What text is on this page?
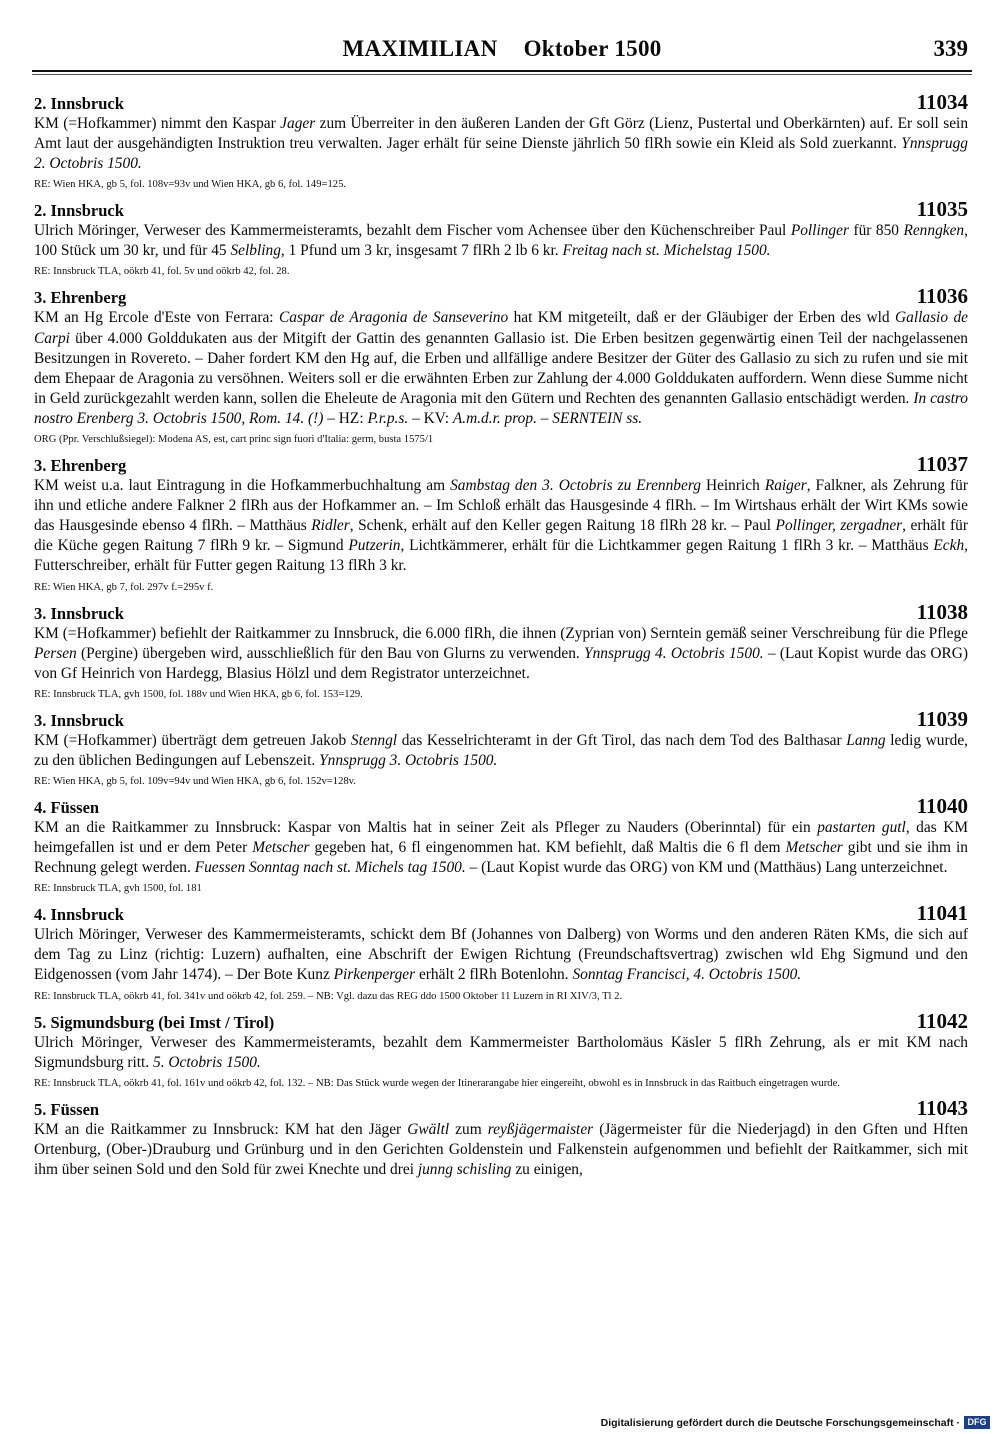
MAXIMILIAN Oktober 1500	339
2. Innsbruck	11034
KM (=Hofkammer) nimmt den Kaspar Jager zum Überreiter in den äußeren Landen der Gft Görz (Lienz, Pustertal und Oberkärnten) auf. Er soll sein Amt laut der ausgehändigten Instruktion treu verwalten. Jager erhält für seine Dienste jährlich 50 flRh sowie ein Kleid als Sold zuerkannt. Ynnsprugg 2. Octobris 1500.
RE: Wien HKA, gb 5, fol. 108v=93v und Wien HKA, gb 6, fol. 149=125.
2. Innsbruck	11035
Ulrich Möringer, Verweser des Kammermeisteramts, bezahlt dem Fischer vom Achensee über den Küchenschreiber Paul Pollinger für 850 Renngken, 100 Stück um 30 kr, und für 45 Selbling, 1 Pfund um 3 kr, insgesamt 7 flRh 2 lb 6 kr. Freitag nach st. Michelstag 1500.
RE: Innsbruck TLA, oökrb 41, fol. 5v und oökrb 42, fol. 28.
3. Ehrenberg	11036
KM an Hg Ercole d'Este von Ferrara: Caspar de Aragonia de Sanseverino hat KM mitgeteilt, daß er der Gläubiger der Erben des wld Gallasio de Carpi über 4.000 Golddukaten aus der Mitgift der Gattin des genannten Gallasio ist. Die Erben besitzen gegenwärtig einen Teil der nachgelassenen Besitzungen in Rovereto. – Daher fordert KM den Hg auf, die Erben und allfällige andere Besitzer der Güter des Gallasio zu sich zu rufen und sie mit dem Ehepaar de Aragonia zu versöhnen. Weiters soll er die erwähnten Erben zur Zahlung der 4.000 Golddukaten auffordern. Wenn diese Summe nicht in Geld zurückgezahlt werden kann, sollen die Eheleute de Aragonia mit den Gütern und Rechten des genannten Gallasio entschädigt werden. In castro nostro Erenberg 3. Octobris 1500, Rom. 14. (!) – HZ: P.r.p.s. – KV: A.m.d.r. prop. – SERNTEIN ss.
ORG (Ppr. Verschlußsiegel): Modena AS, est, cart princ sign fuori d'Italia: germ, busta 1575/1
3. Ehrenberg	11037
KM weist u.a. laut Eintragung in die Hofkammerbuchhaltung am Sambstag den 3. Octobris zu Erennberg Heinrich Raiger, Falkner, als Zehrung für ihn und etliche andere Falkner 2 flRh aus der Hofkammer an. – Im Schloß erhält das Hausgesinde 4 flRh. – Im Wirtshaus erhält der Wirt KMs sowie das Hausgesinde ebenso 4 flRh. – Matthäus Ridler, Schenk, erhält auf den Keller gegen Raitung 18 flRh 28 kr. – Paul Pollinger, zergadner, erhält für die Küche gegen Raitung 7 flRh 9 kr. – Sigmund Putzerin, Lichtkämmerer, erhält für die Lichtkammer gegen Raitung 1 flRh 3 kr. – Matthäus Eckh, Futterschreiber, erhält für Futter gegen Raitung 13 flRh 3 kr.
RE: Wien HKA, gb 7, fol. 297v f.=295v f.
3. Innsbruck	11038
KM (=Hofkammer) befiehlt der Raitkammer zu Innsbruck, die 6.000 flRh, die ihnen (Zyprian von) Serntein gemäß seiner Verschreibung für die Pflege Persen (Pergine) übergeben wird, ausschließlich für den Bau von Glurns zu verwenden. Ynnsprugg 4. Octobris 1500. – (Laut Kopist wurde das ORG) von Gf Heinrich von Hardegg, Blasius Hölzl und dem Registrator unterzeichnet.
RE: Innsbruck TLA, gvh 1500, fol. 188v und Wien HKA, gb 6, fol. 153=129.
3. Innsbruck	11039
KM (=Hofkammer) überträgt dem getreuen Jakob Stenngl das Kesselrichteramt in der Gft Tirol, das nach dem Tod des Balthasar Lanng ledig wurde, zu den üblichen Bedingungen auf Lebenszeit. Ynnsprugg 3. Octobris 1500.
RE: Wien HKA, gb 5, fol. 109v=94v und Wien HKA, gb 6, fol. 152v=128v.
4. Füssen	11040
KM an die Raitkammer zu Innsbruck: Kaspar von Maltis hat in seiner Zeit als Pfleger zu Nauders (Oberinntal) für ein pastarten gutl, das KM heimgefallen ist und er dem Peter Metscher gegeben hat, 6 fl eingenommen hat. KM befiehlt, daß Maltis die 6 fl dem Metscher gibt und sie ihm in Rechnung gelegt werden. Fuessen Sonntag nach st. Michels tag 1500. – (Laut Kopist wurde das ORG) von KM und (Matthäus) Lang unterzeichnet.
RE: Innsbruck TLA, gvh 1500, fol. 181
4. Innsbruck	11041
Ulrich Möringer, Verweser des Kammermeisteramts, schickt dem Bf (Johannes von Dalberg) von Worms und den anderen Räten KMs, die sich auf dem Tag zu Linz (richtig: Luzern) aufhalten, eine Abschrift der Ewigen Richtung (Freundschaftsvertrag) zwischen wld Ehg Sigmund und den Eidgenossen (vom Jahr 1474). – Der Bote Kunz Pirkenperger erhält 2 flRh Botenlohn. Sonntag Francisci, 4. Octobris 1500.
RE: Innsbruck TLA, oökrb 41, fol. 341v und oökrb 42, fol. 259. – NB: Vgl. dazu das REG ddo 1500 Oktober 11 Luzern in RI XIV/3, Tl 2.
5. Sigmundsburg (bei Imst / Tirol)	11042
Ulrich Möringer, Verweser des Kammermeisteramts, bezahlt dem Kammermeister Bartholomäus Käsler 5 flRh Zehrung, als er mit KM nach Sigmundsburg ritt. 5. Octobris 1500.
RE: Innsbruck TLA, oökrb 41, fol. 161v und oökrb 42, fol. 132. – NB: Das Stück wurde wegen der Itinerarangabe hier eingereiht, obwohl es in Innsbruck in das Raitbuch eingetragen wurde.
5. Füssen	11043
KM an die Raitkammer zu Innsbruck: KM hat den Jäger Gwältl zum reyßjägermaister (Jägermeister für die Niederjagd) in den Gften und Hften Ortenburg, (Ober-)Drauburg und Grünburg und in den Gerichten Goldenstein und Falkenstein aufgenommen und befiehlt der Raitkammer, sich mit ihm über seinen Sold und den Sold für zwei Knechte und drei junng schisling zu einigen,
Digitalisierung gefördert durch die Deutsche Forschungsgemeinschaft · DFG
